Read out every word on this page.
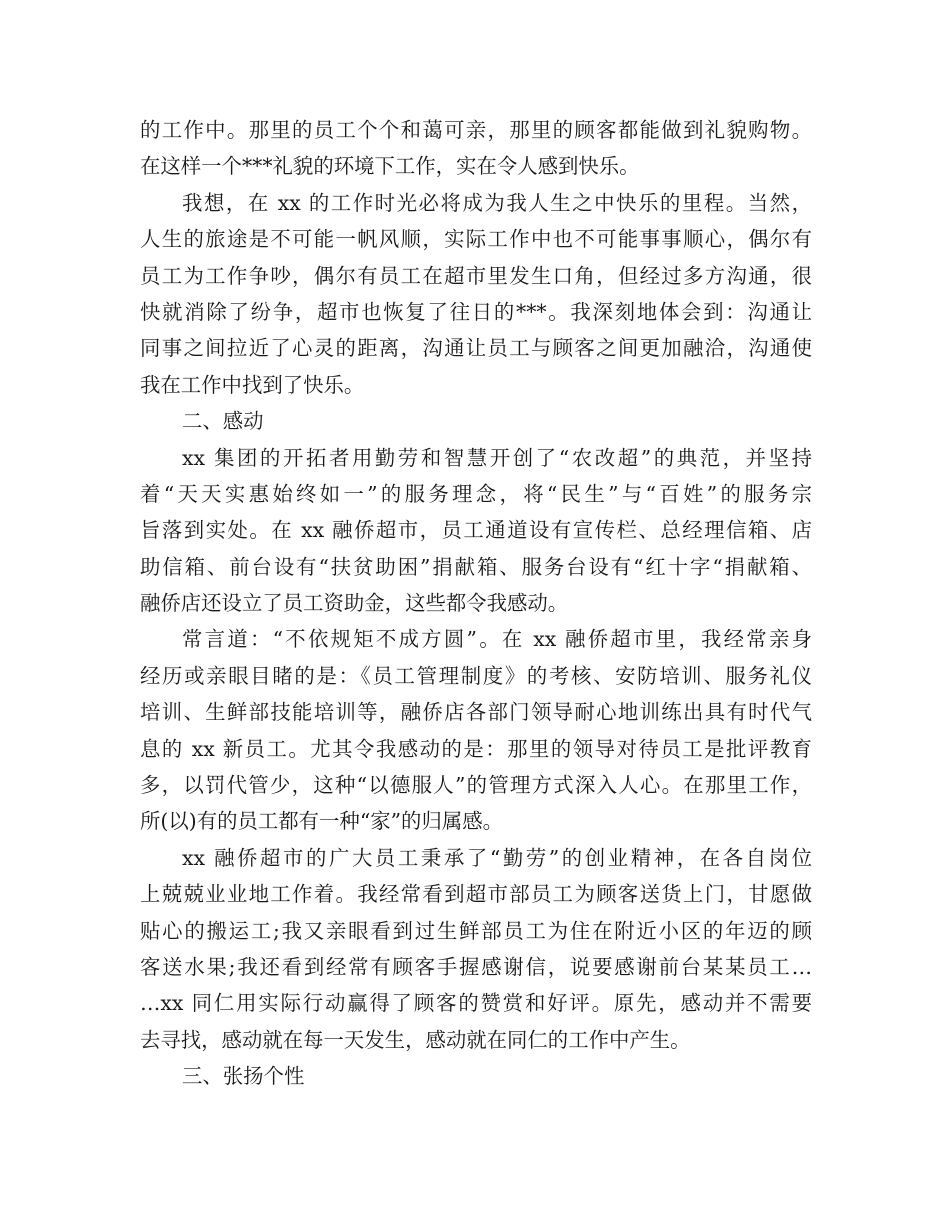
的工作中。那里的员工个个和蔼可亲，那里的顾客都能做到礼貌购物。
在这样一个***礼貌的环境下工作，实在令人感到快乐。
我想，在 xx 的工作时光必将成为我人生之中快乐的里程。当然，
人生的旅途是不可能一帆风顺，实际工作中也不可能事事顺心，偶尔有
员工为工作争吵，偶尔有员工在超市里发生口角，但经过多方沟通，很
快就消除了纷争，超市也恢复了往日的***。我深刻地体会到：沟通让
同事之间拉近了心灵的距离，沟通让员工与顾客之间更加融洽，沟通使
我在工作中找到了快乐。
二、感动
xx 集团的开拓者用勤劳和智慧开创了“农改超”的典范，并坚持
着“天天实惠始终如一”的服务理念，将“民生”与“百姓”的服务宗
旨落到实处。在 xx 融侨超市，员工通道设有宣传栏、总经理信箱、店
助信箱、前台设有“扶贫助困”捐献箱、服务台设有“红十字“捐献箱、
融侨店还设立了员工资助金，这些都令我感动。
常言道：“不依规矩不成方圆”。在 xx 融侨超市里，我经常亲身
经历或亲眼目睹的是：《员工管理制度》的考核、安防培训、服务礼仪
培训、生鲜部技能培训等，融侨店各部门领导耐心地训练出具有时代气
息的 xx 新员工。尤其令我感动的是：那里的领导对待员工是批评教育
多，以罚代管少，这种“以德服人”的管理方式深入人心。在那里工作，
所(以)有的员工都有一种“家”的归属感。
xx 融侨超市的广大员工秉承了“勤劳”的创业精神，在各自岗位
上兢兢业业地工作着。我经常看到超市部员工为顾客送货上门，甘愿做
贴心的搬运工;我又亲眼看到过生鲜部员工为住在附近小区的年迈的顾
客送水果;我还看到经常有顾客手握感谢信，说要感谢前台某某员工…
…xx 同仁用实际行动赢得了顾客的赞赏和好评。原先，感动并不需要
去寻找，感动就在每一天发生，感动就在同仁的工作中产生。
三、张扬个性
